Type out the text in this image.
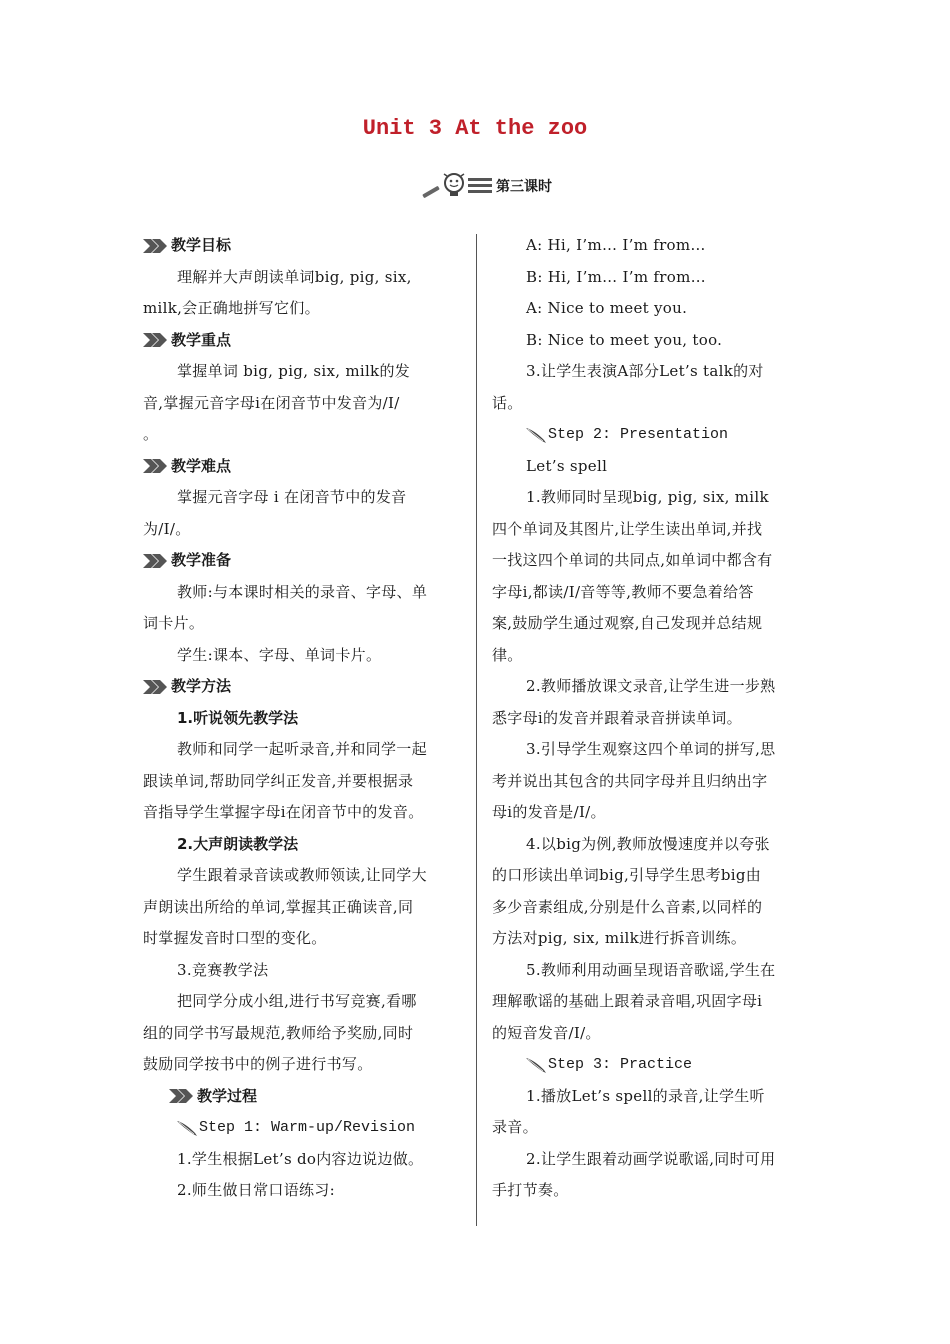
Unit 3 At the zoo
第三课时
教学目标
理解并大声朗读单词big, pig, six,
milk,会正确地拼写它们。
教学重点
掌握单词 big, pig, six, milk的发
音,掌握元音字母i在闭音节中发音为/I/
。
教学难点
掌握元音字母 i 在闭音节中的发音
为/I/。
教学准备
教师:与本课时相关的录音、字母、单
词卡片。
学生:课本、字母、单词卡片。
教学方法
1.听说领先教学法
教师和同学一起听录音,并和同学一起
跟读单词,帮助同学纠正发音,并要根据录
音指导学生掌握字母i在闭音节中的发音。
2.大声朗读教学法
学生跟着录音读或教师领读,让同学大
声朗读出所给的单词,掌握其正确读音,同
时掌握发音时口型的变化。
3.竞赛教学法
把同学分成小组,进行书写竞赛,看哪
组的同学书写最规范,教师给予奖励,同时
鼓励同学按书中的例子进行书写。
教学过程
Step 1: Warm-up/Revision
1.学生根据Let’s do内容边说边做。
2.师生做日常口语练习:
A: Hi, I’m… I’m from…
B: Hi, I’m… I’m from…
A: Nice to meet you.
B: Nice to meet you, too.
3.让学生表演A部分Let’s talk的对
话。
Step 2: Presentation
Let’s spell
1.教师同时呈现big, pig, six, milk
四个单词及其图片,让学生读出单词,并找
一找这四个单词的共同点,如单词中都含有
字母i,都读/I/音等等,教师不要急着给答
案,鼓励学生通过观察,自己发现并总结规
律。
2.教师播放课文录音,让学生进一步熟
悉字母i的发音并跟着录音拼读单词。
3.引导学生观察这四个单词的拼写,思
考并说出其包含的共同字母并且归纳出字
母i的发音是/I/。
4.以big为例,教师放慢速度并以夸张
的口形读出单词big,引导学生思考big由
多少音素组成,分别是什么音素,以同样的
方法对pig, six, milk进行拆音训练。
5.教师利用动画呈现语音歌谣,学生在
理解歌谣的基础上跟着录音唱,巩固字母i
的短音发音/I/。
Step 3: Practice
1.播放Let’s spell的录音,让学生听
录音。
2.让学生跟着动画学说歌谣,同时可用
手打节奏。
